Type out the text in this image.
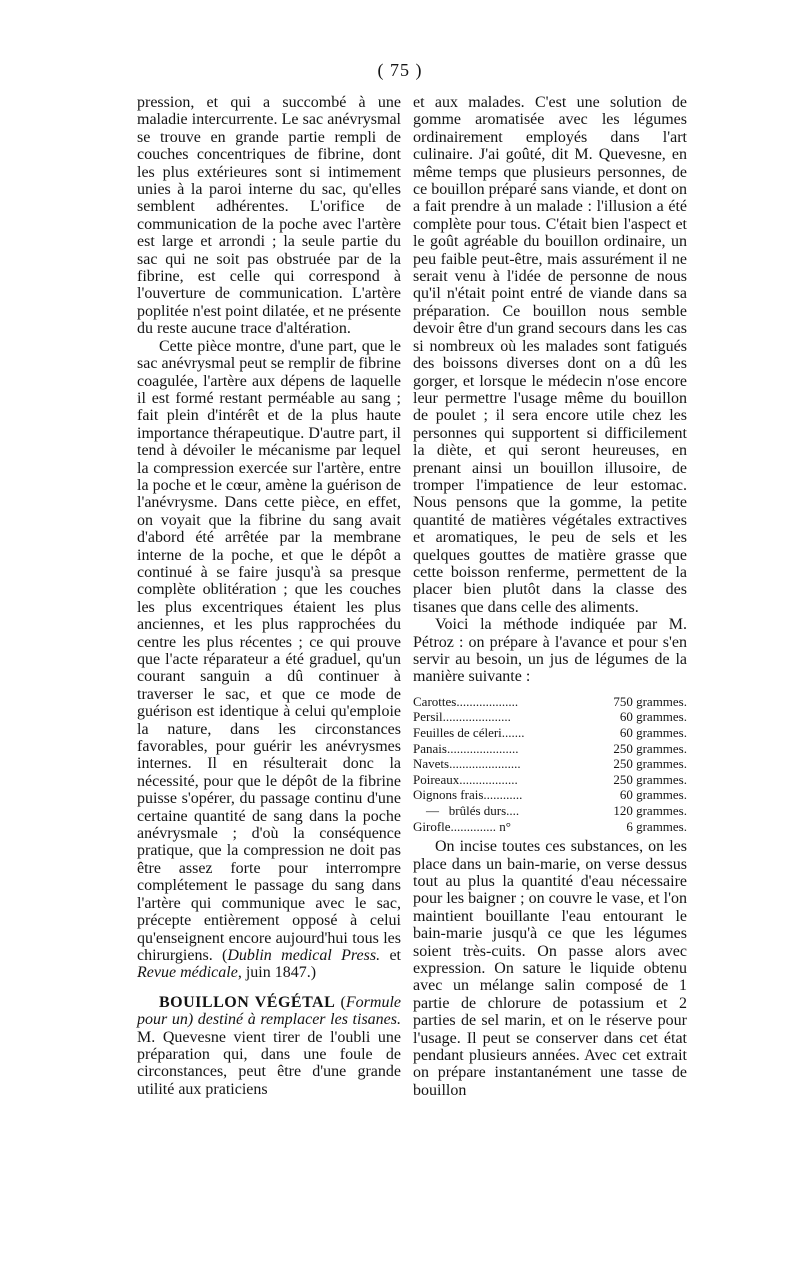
( 75 )

pression, et qui a succombé à une maladie intercurrente. Le sac anévrysmal se trouve en grande partie rempli de couches concentriques de fibrine, dont les plus extérieures sont si intimement unies à la paroi interne du sac, qu'elles semblent adhérentes. L'orifice de communication de la poche avec l'artère est large et arrondi ; la seule partie du sac qui ne soit pas obstruée par de la fibrine, est celle qui correspond à l'ouverture de communication. L'artère poplitée n'est point dilatée, et ne présente du reste aucune trace d'altération.

Cette pièce montre, d'une part, que le sac anévrysmal peut se remplir de fibrine coagulée, l'artère aux dépens de laquelle il est formé restant perméable au sang ; fait plein d'intérêt et de la plus haute importance thérapeutique. D'autre part, il tend à dévoiler le mécanisme par lequel la compression exercée sur l'artère, entre la poche et le cœur, amène la guérison de l'anévrysme. Dans cette pièce, en effet, on voyait que la fibrine du sang avait d'abord été arrêtée par la membrane interne de la poche, et que le dépôt a continué à se faire jusqu'à sa presque complète oblitération ; que les couches les plus excentriques étaient les plus anciennes, et les plus rapprochées du centre les plus récentes ; ce qui prouve que l'acte réparateur a été graduel, qu'un courant sanguin a dû continuer à traverser le sac, et que ce mode de guérison est identique à celui qu'emploie la nature, dans les circonstances favorables, pour guérir les anévrysmes internes. Il en résulterait donc la nécessité, pour que le dépôt de la fibrine puisse s'opérer, du passage continu d'une certaine quantité de sang dans la poche anévrysmale ; d'où la conséquence pratique, que la compression ne doit pas être assez forte pour interrompre complétement le passage du sang dans l'artère qui communique avec le sac, précepte entièrement opposé à celui qu'enseignent encore aujourd'hui tous les chirurgiens. (Dublin medical Press. et Revue médicale, juin 1847.)

BOUILLON VÉGÉTAL (Formule pour un) destiné à remplacer les tisanes. M. Quevesne vient tirer de l'oubli une préparation qui, dans une foule de circonstances, peut être d'une grande utilité aux praticiens

et aux malades. C'est une solution de gomme aromatisée avec les légumes ordinairement employés dans l'art culinaire. J'ai goûté, dit M. Quevesne, en même temps que plusieurs personnes, de ce bouillon préparé sans viande, et dont on a fait prendre à un malade : l'illusion a été complète pour tous. C'était bien l'aspect et le goût agréable du bouillon ordinaire, un peu faible peut-être, mais assurément il ne serait venu à l'idée de personne de nous qu'il n'était point entré de viande dans sa préparation. Ce bouillon nous semble devoir être d'un grand secours dans les cas si nombreux où les malades sont fatigués des boissons diverses dont on a dû les gorger, et lorsque le médecin n'ose encore leur permettre l'usage même du bouillon de poulet ; il sera encore utile chez les personnes qui supportent si difficilement la diète, et qui seront heureuses, en prenant ainsi un bouillon illusoire, de tromper l'impatience de leur estomac. Nous pensons que la gomme, la petite quantité de matières végétales extractives et aromatiques, le peu de sels et les quelques gouttes de matière grasse que cette boisson renferme, permettent de la placer bien plutôt dans la classe des tisanes que dans celle des aliments.

Voici la méthode indiquée par M. Pétroz : on prépare à l'avance et pour s'en servir au besoin, un jus de légumes de la manière suivante :

Carottes...................	750 grammes.
Persil.....................	60 grammes.
Feuilles de céleri.......	60 grammes.
Panais......................	250 grammes.
Navets......................	250 grammes.
Poireaux..................	250 grammes.
Oignons frais............	60 grammes.
—   brûlés durs....	120 grammes.
Girofle.............. n°	6 grammes.

On incise toutes ces substances, on les place dans un bain-marie, on verse dessus tout au plus la quantité d'eau nécessaire pour les baigner ; on couvre le vase, et l'on maintient bouillante l'eau entourant le bain-marie jusqu'à ce que les légumes soient très-cuits. On passe alors avec expression. On sature le liquide obtenu avec un mélange salin composé de 1 partie de chlorure de potassium et 2 parties de sel marin, et on le réserve pour l'usage. Il peut se conserver dans cet état pendant plusieurs années. Avec cet extrait on prépare instantanément une tasse de bouillon
